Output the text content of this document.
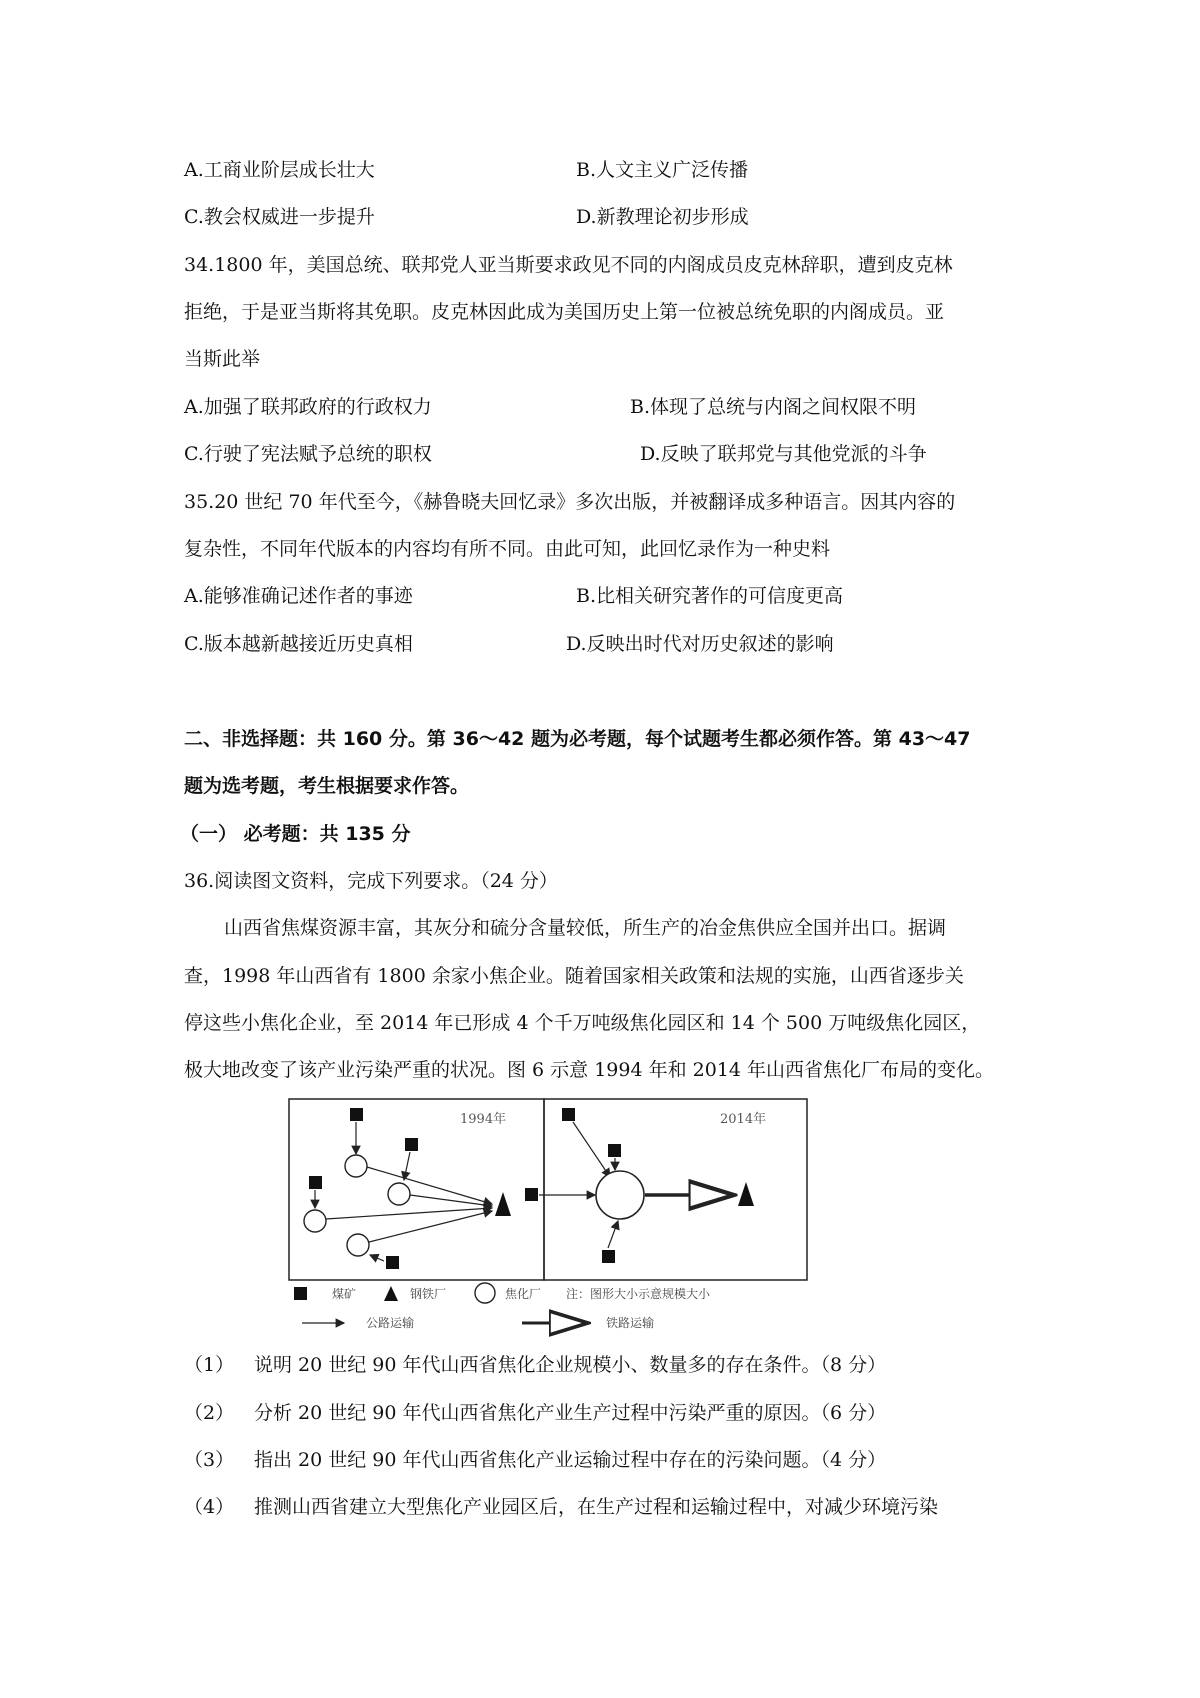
A.工商业阶层成长壮大	B.人文主义广泛传播
C.教会权威进一步提升	D.新教理论初步形成
34.1800 年，美国总统、联邦党人亚当斯要求政见不同的内阁成员皮克林辞职，遭到皮克林
拒绝，于是亚当斯将其免职。皮克林因此成为美国历史上第一位被总统免职的内阁成员。亚
当斯此举
A.加强了联邦政府的行政权力	B.体现了总统与内阁之间权限不明
C.行驶了宪法赋予总统的职权	D.反映了联邦党与其他党派的斗争
35.20 世纪 70 年代至今，《赫鲁晓夫回忆录》多次出版，并被翻译成多种语言。因其内容的
复杂性，不同年代版本的内容均有所不同。由此可知，此回忆录作为一种史料
A.能够准确记述作者的事迹	B.比相关研究著作的可信度更高
C.版本越新越接近历史真相	D.反映出时代对历史叙述的影响
二、非选择题：共 160 分。第 36～42 题为必考题，每个试题考生都必须作答。第 43～47
题为选考题，考生根据要求作答。
（一） 必考题：共 135 分
36.阅读图文资料，完成下列要求。（24 分）
山西省焦煤资源丰富，其灰分和硫分含量较低，所生产的冶金焦供应全国并出口。据调
查，1998 年山西省有 1800 余家小焦企业。随着国家相关政策和法规的实施，山西省逐步关
停这些小焦化企业，至 2014 年已形成 4 个千万吨级焦化园区和 14 个 500 万吨级焦化园区，
极大地改变了该产业污染严重的状况。图 6 示意 1994 年和 2014 年山西省焦化厂布局的变化。
1994年	2014年
煤矿	钢铁厂	焦化厂 注：图形大小示意规模大小
公路运输	铁路运输
（1） 说明 20 世纪 90 年代山西省焦化企业规模小、数量多的存在条件。（8 分）
（2） 分析 20 世纪 90 年代山西省焦化产业生产过程中污染严重的原因。（6 分）
（3） 指出 20 世纪 90 年代山西省焦化产业运输过程中存在的污染问题。（4 分）
（4） 推测山西省建立大型焦化产业园区后，在生产过程和运输过程中，对减少环境污染
